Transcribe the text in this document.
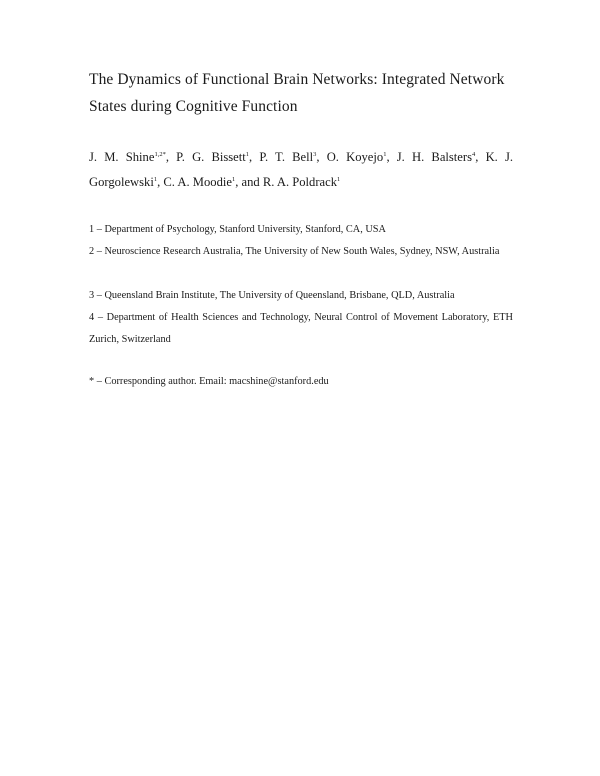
The Dynamics of Functional Brain Networks: Integrated Network States during Cognitive Function
J. M. Shine$^{1,2*}$, P. G. Bissett$^1$, P. T. Bell$^3$, O. Koyejo$^1$, J. H. Balsters$^4$, K. J. Gorgolewski$^1$, C. A. Moodie$^1$, and R. A. Poldrack$^1$

1 – Department of Psychology, Stanford University, Stanford, CA, USA

2 – Neuroscience Research Australia, The University of New South Wales, Sydney, NSW, Australia

3 – Queensland Brain Institute, The University of Queensland, Brisbane, QLD, Australia

4 – Department of Health Sciences and Technology, Neural Control of Movement Laboratory, ETH Zurich, Switzerland

* – Corresponding author. Email: macshine@stanford.edu
